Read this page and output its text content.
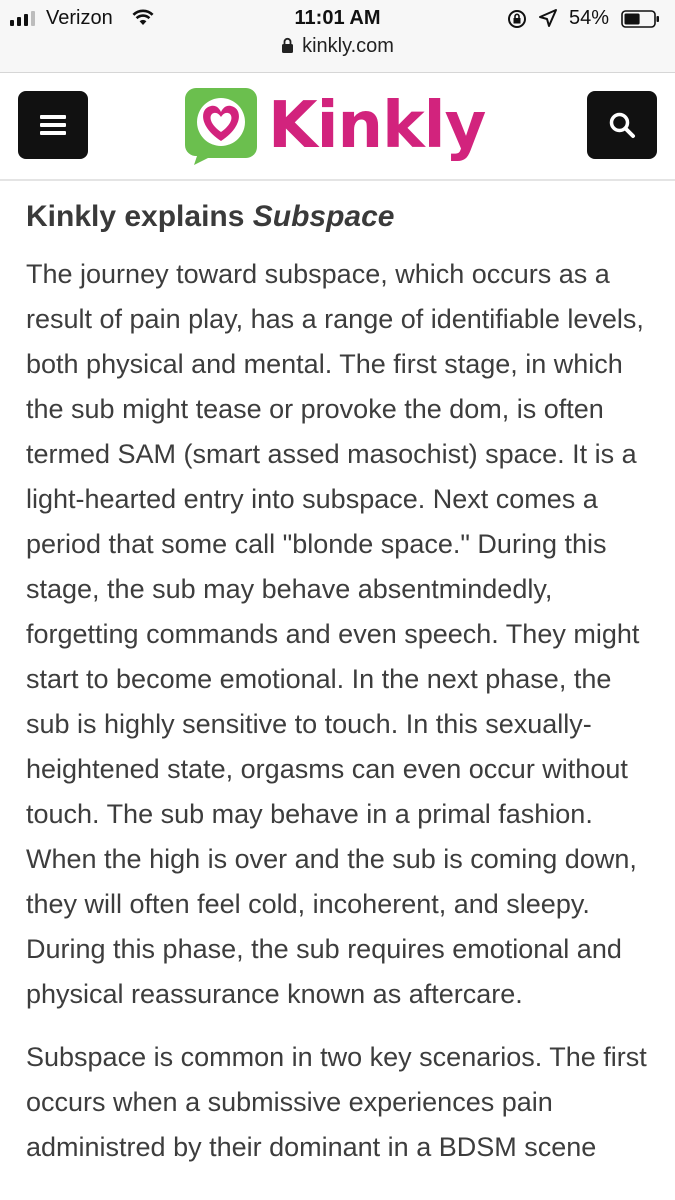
Verizon	11:01 AM	54%
kinkly.com
Kinkly
Kinkly explains Subspace

The journey toward subspace, which occurs as a result of pain play, has a range of identifiable levels, both physical and mental. The first stage, in which the sub might tease or provoke the dom, is often termed SAM (smart assed masochist) space. It is a light-hearted entry into subspace. Next comes a period that some call "blonde space." During this stage, the sub may behave absentmindedly, forgetting commands and even speech. They might start to become emotional. In the next phase, the sub is highly sensitive to touch. In this sexually-heightened state, orgasms can even occur without touch. The sub may behave in a primal fashion. When the high is over and the sub is coming down, they will often feel cold, incoherent, and sleepy. During this phase, the sub requires emotional and physical reassurance known as aftercare.

Subspace is common in two key scenarios. The first occurs when a submissive experiences pain administred by their dominant in a BDSM scene
